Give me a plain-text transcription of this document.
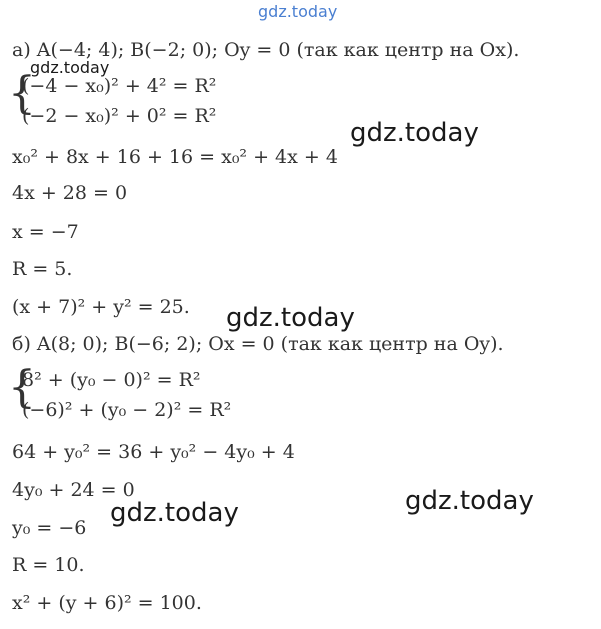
gdz.today
а) A(−4; 4); B(−2; 0); Oy = 0 (так как центр на Ox).
gdz.today
{
(−4 − x₀)² + 4² = R²
(−2 − x₀)² + 0² = R²
gdz.today
x₀² + 8x + 16 + 16 = x₀² + 4x + 4
4x + 28 = 0
x = −7
R = 5.
(x + 7)² + y² = 25. gdz.today
б) A(8; 0); B(−6; 2); Ox = 0 (так как центр на Oy).
{
8² + (y₀ − 0)² = R²
(−6)² + (y₀ − 2)² = R²
64 + y₀² = 36 + y₀² − 4y₀ + 4
4y₀ + 24 = 0	gdz.today
y₀ = −6 gdz.today
R = 10.
x² + (y + 6)² = 100.
